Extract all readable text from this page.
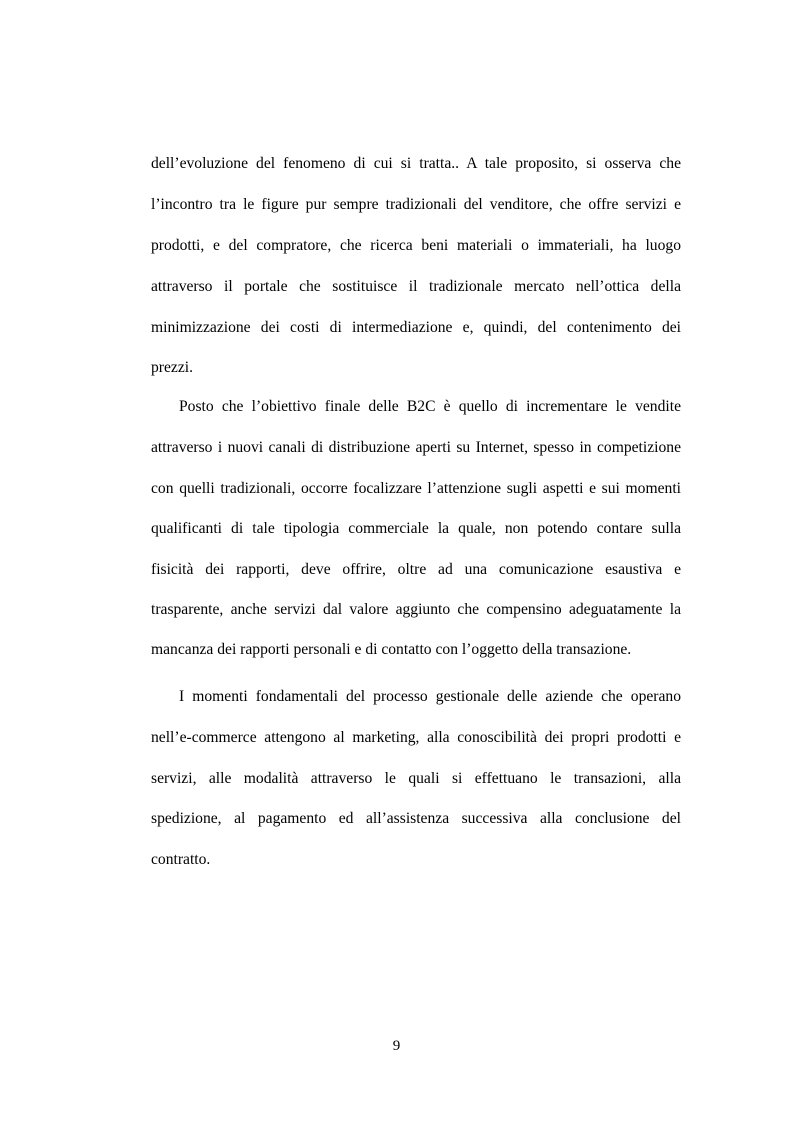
dell’evoluzione del fenomeno di cui si tratta.. A tale proposito, si osserva che
l’incontro tra le figure pur sempre tradizionali del venditore, che offre servizi e
prodotti, e del compratore, che ricerca beni materiali o immateriali, ha luogo
attraverso il portale che sostituisce il tradizionale mercato nell’ottica della
minimizzazione dei costi di intermediazione e, quindi, del contenimento dei
prezzi.
Posto che l’obiettivo finale delle B2C è quello di incrementare le vendite
attraverso i nuovi canali di distribuzione aperti su Internet, spesso in competizione
con quelli tradizionali, occorre focalizzare l’attenzione sugli aspetti e sui momenti
qualificanti di tale tipologia commerciale la quale, non potendo contare sulla
fisicità dei rapporti, deve offrire, oltre ad una comunicazione esaustiva e
trasparente, anche servizi dal valore aggiunto che compensino adeguatamente la
mancanza dei rapporti personali e di contatto con l’oggetto della transazione.
I momenti fondamentali del processo gestionale delle aziende che operano
nell’e-commerce attengono al marketing, alla conoscibilità dei propri prodotti e
servizi, alle modalità attraverso le quali si effettuano le transazioni, alla
spedizione, al pagamento ed all’assistenza successiva alla conclusione del
contratto.
9
